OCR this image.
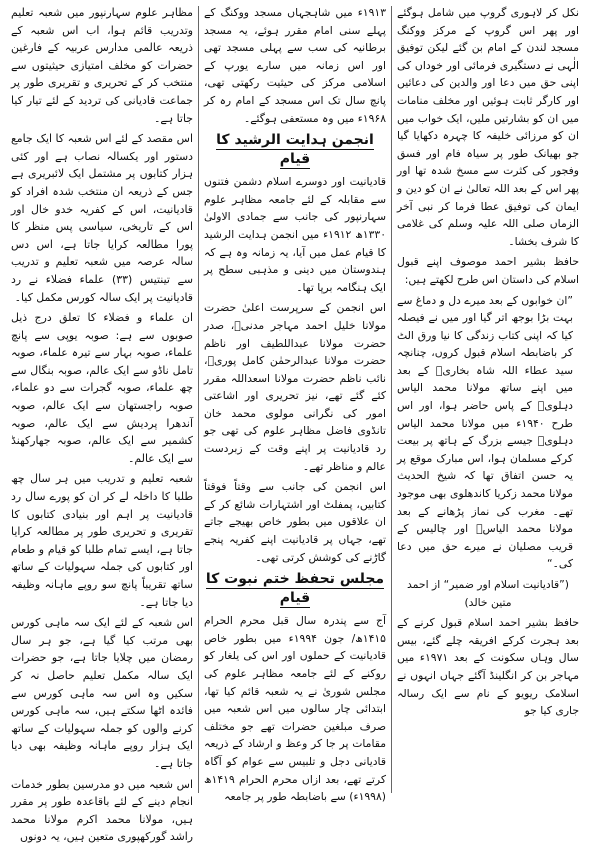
نکل کر لاہوری گروپ میں شامل ہوگئے اور پھر اس گروپ کے مرکز ووکنگ مسجد لندن کے امام بن گئے لیکن توفیق الٰہی نے دستگیری فرمائی اور خوداں کی اپنی حق میں دعا اور والدین کی دعائیں اور کارگر ثابت ہوئیں اور مخلف منامات میں ان کو بشارتیں ملیں، ایک خواب میں ان کو مرزائی خلیفہ کا چہرہ دکھایا گیا جو بھیانک طور پر سیاہ فام اور فسق وفجور کی کثرت سے مسخ شدہ تھا اور پھر اس کے بعد اللہ تعالیٰ نے ان کو دین و ایمان کی توفیق عطا فرما کر نبی آخر الزماں صلی اللہ علیہ وسلم کی غلامی کا شرف بخشا۔

حافظ بشیر احمد موصوف اپنے قبول اسلام کی داستان اس طرح لکھتے ہیں:

”ان خوابوں کے بعد میرے دل و دماغ سے بہت بڑا بوجھ اتر گیا اور میں نے فیصلہ کیا کہ اپنی کتاب زندگی کا نیا ورق الٹ کر باضابطہ اسلام قبول کروں، چنانچہ سید عطاء اللہ شاہ بخاریؒ کے بعد میں اپنے ساتھ مولانا محمد الیاس دہلویؒ کے پاس حاضر ہوا، اور اس طرح ۱۹۴۰ء میں مولانا محمد الیاس دہلویؒ جیسے بزرگ کے ہاتھ پر بیعت کرکے مسلمان ہوا، اس مبارک موقع پر یہ حسن اتفاق تھا کہ شیخ الحدیث مولانا محمد زکریا کاندھلوی بھی موجود تھے۔ مغرب کی نماز پڑھانے کے بعد مولانا محمد الیاسؒ اور چالیس کے قریب مصلیان نے میرے حق میں دعا کی۔“

(”قادیانیت اسلام اور ضمیر“ از احمد متین خالد)

حافظ بشیر احمد اسلام قبول کرنے کے بعد ہجرت کرکے افریقہ چلے گئے، بیس سال وہاں سکونت کے بعد ۱۹۷۱ء میں مہاجر بن کر انگلینڈ آگئے جہاں انہوں نے اسلامک ریویو کے نام سے ایک رسالہ جاری کیا جو

۱۹۱۳ء میں شاہجہاں مسجد ووکنگ کے پہلے سنی امام مقرر ہوئے، یہ مسجد برطانیہ کی سب سے پہلی مسجد تھی اور اس زمانہ میں سارے یورپ کے اسلامی مرکز کی حیثیت رکھتی تھی، پانچ سال تک اس مسجد کے امام رہ کر ۱۹۶۸ء میں وہ مستعفی ہوگئے۔

انجمن ہدایت الرشید کا قیام

قادیانیت اور دوسرے اسلام دشمن فتنوں سے مقابلہ کے لئے جامعہ مظاہر علوم سہارنپور کی جانب سے جمادی الاولیٰ ۱۳۳۰ھ ۱۹۱۲ء میں انجمن ہدایت الرشید کا قیام عمل میں آیا، یہ زمانہ وہ ہے کہ ہندوستان میں دینی و مذہبی سطح پر ایک ہنگامہ برپا تھا۔

اس انجمن کے سرپرست اعلیٰ حضرت مولانا خلیل احمد مہاجر مدنیؒ، صدر حضرت مولانا عبداللطیف اور ناظم حضرت مولانا عبدالرحمٰن کامل پوریؒ، نائب ناظم حضرت مولانا اسعداللہ مقرر کئے گئے تھے، نیز تحریری اور اشاعتی امور کی نگرانی مولوی محمد خان تانڈوی فاضل مظاہر علوم کی تھی جو رد قادیانیت پر اپنے وقت کے زبردست عالم و مناظر تھے۔

اس انجمن کی جانب سے وقتاً فوقتاً کتابیں، پمفلٹ اور اشتہارات شائع کر کے ان علاقوں میں بطور خاص بھیجے جاتے تھے، جہاں پر قادیانیت اپنے کفریہ پنجے گاڑنے کی کوشش کرتی تھی۔

مجلس تحفظ ختم نبوت کا قیام

آج سے پندرہ سال قبل محرم الحرام ۱۴۱۵ھ/ جون ۱۹۹۴ء میں بطور خاص قادیانیت کے حملوں اور اس کی یلغار کو روکنے کے لئے جامعہ مظاہر علوم کی مجلس شوریٰ نے یہ شعبہ قائم کیا تھا، ابتدائی چار سالوں میں اس شعبہ میں صرف مبلغین حضرات تھے جو مختلف مقامات پر جا کر وعظ و ارشاد کے ذریعہ قادیانی دجل و تلبیس سے عوام کو آگاہ کرتے تھے، بعد ازاں محرم الحرام ۱۴۱۹ھ (۱۹۹۸ء) سے باضابطہ طور پر جامعہ

مظاہر علوم سہارنپور میں شعبہ تعلیم وتدریب قائم ہوا، اب اس شعبہ کے ذریعہ عالمی مدارس عربیہ کے فارغین حضرات کو مخلف امتیازی حیثیتوں سے منتخب کر کے تحریری و تقریری طور پر جماعت قادیانی کی تردید کے لئے تیار کیا جاتا ہے۔

اس مقصد کے لئے اس شعبہ کا ایک جامع دستور اور یکسالہ نصاب ہے اور کئی ہزار کتابوں پر مشتمل ایک لائبریری ہے جس کے ذریعہ ان منتخب شدہ افراد کو قادیانیت، اس کے کفریہ خدو خال اور اس کے تاریخی، سیاسی پس منظر کا پورا مطالعہ کرایا جاتا ہے، اس دس سالہ عرصہ میں شعبہ تعلیم و تدریب سے تینتیس (۳۳) علماء فضلاء نے رد قادیانیت پر ایک سالہ کورس مکمل کیا۔

ان علماء و فضلاء کا تعلق درج ذیل صوبوں سے ہے: صوبہ یوپی سے پانچ علماء، صوبہ بہار سے تیرہ علماء، صوبہ تامل ناڈو سے ایک عالم، صوبہ بنگال سے چھ علماء، صوبہ گجرات سے دو علماء، صوبہ راجستھان سے ایک عالم، صوبہ آندھرا پردیش سے ایک عالم، صوبہ کشمیر سے ایک عالم، صوبہ جھارکھنڈ سے ایک عالم۔

شعبہ تعلیم و تدریب میں ہر سال چھ طلبا کا داخلہ لے کر ان کو پورے سال رد قادیانیت پر اہم اور بنیادی کتابوں کا تقریری و تحریری طور پر مطالعہ کرایا جاتا ہے، ایسے تمام طلبا کو قیام و طعام اور کتابوں کی جملہ سہولیات کے ساتھ ساتھ تقریباً پانچ سو روپے ماہانہ وظیفہ دیا جاتا ہے۔

اس شعبہ کے لئے ایک سہ ماہی کورس بھی مرتب کیا گیا ہے، جو ہر سال رمضان میں چلایا جاتا ہے، جو حضرات ایک سالہ مکمل تعلیم حاصل نہ کر سکیں وہ اس سہ ماہی کورس سے فائدہ اٹھا سکتے ہیں، سہ ماہی کورس کرنے والوں کو جملہ سہولیات کے ساتھ ایک ہزار روپے ماہانہ وظیفہ بھی دیا جاتا ہے۔

اس شعبہ میں دو مدرسین بطور خدمات انجام دینے کے لئے باقاعدہ طور پر مقرر ہیں، مولانا محمد اکرم مولانا محمد راشد گورکھپوری متعین ہیں، یہ دونوں
